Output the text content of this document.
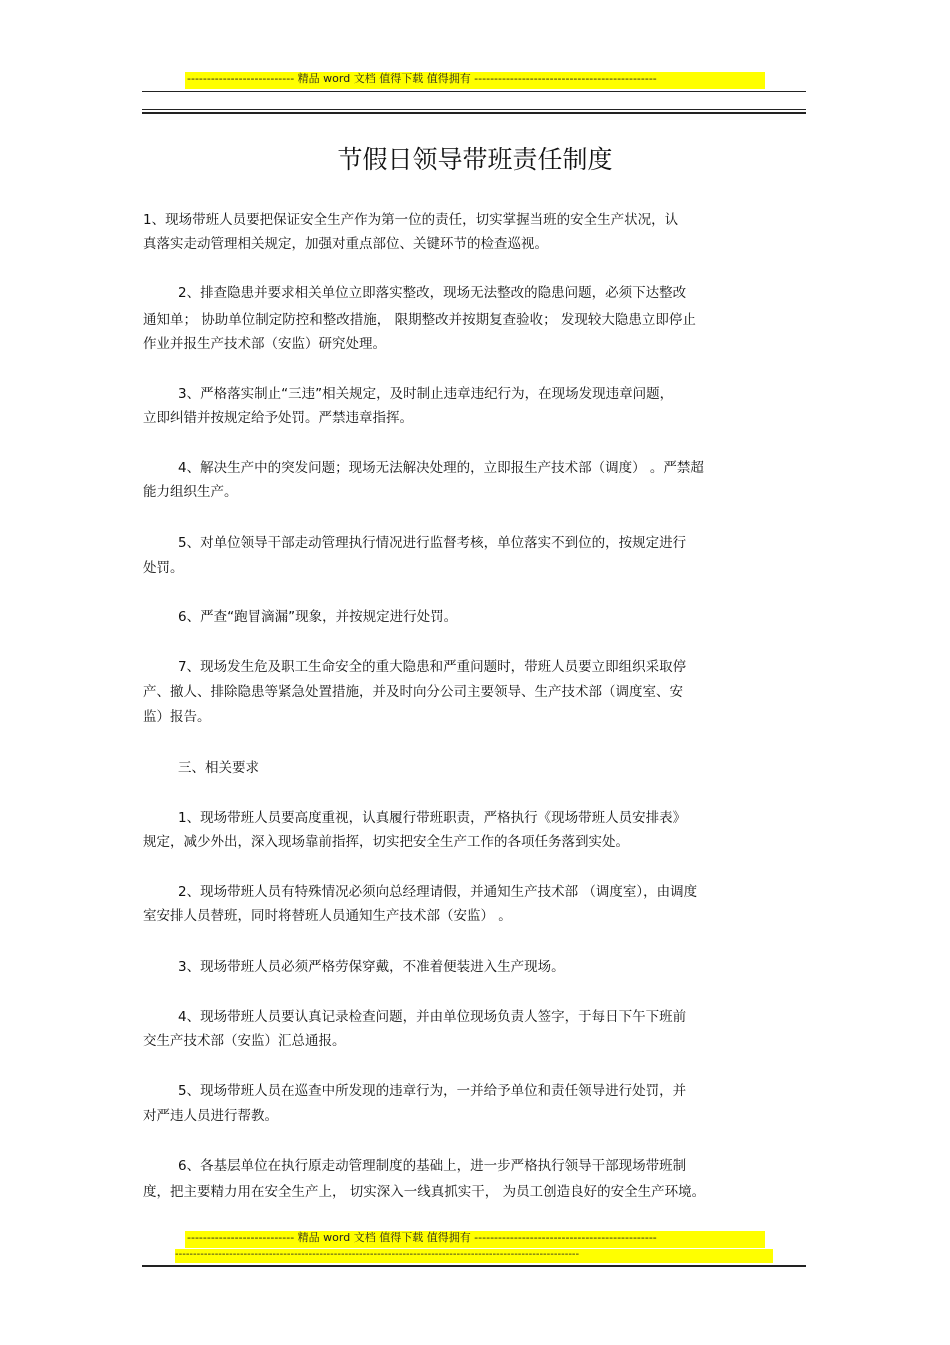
--------------------------- 精品 word 文档 值得下载 值得拥有 ----------------------------------------------
节假日领导带班责任制度
1、现场带班人员要把保证安全生产作为第一位的责任，切实掌握当班的安全生产状况，认
真落实走动管理相关规定，加强对重点部位、关键环节的检查巡视。
2、排查隐患并要求相关单位立即落实整改，现场无法整改的隐患问题，必须下达整改
通知单； 协助单位制定防控和整改措施， 限期整改并按期复查验收； 发现较大隐患立即停止
作业并报生产技术部（安监）研究处理。
3、严格落实制止“三违”相关规定，及时制止违章违纪行为，在现场发现违章问题，
立即纠错并按规定给予处罚。严禁违章指挥。
4、解决生产中的突发问题；现场无法解决处理的，立即报生产技术部（调度） 。严禁超
能力组织生产。
5、对单位领导干部走动管理执行情况进行监督考核，单位落实不到位的，按规定进行
处罚。
6、严查“跑冒滴漏”现象，并按规定进行处罚。
7、现场发生危及职工生命安全的重大隐患和严重问题时，带班人员要立即组织采取停
产、撤人、排除隐患等紧急处置措施，并及时向分公司主要领导、生产技术部（调度室、安
监）报告。
三、相关要求
1、现场带班人员要高度重视，认真履行带班职责，严格执行《现场带班人员安排表》
规定，减少外出，深入现场靠前指挥，切实把安全生产工作的各项任务落到实处。
2、现场带班人员有特殊情况必须向总经理请假，并通知生产技术部 （调度室），由调度
室安排人员替班，同时将替班人员通知生产技术部（安监） 。
3、现场带班人员必须严格劳保穿戴，不准着便装进入生产现场。
4、现场带班人员要认真记录检查问题，并由单位现场负责人签字，于每日下午下班前
交生产技术部（安监）汇总通报。
5、现场带班人员在巡查中所发现的违章行为，一并给予单位和责任领导进行处罚，并
对严违人员进行帮教。
6、各基层单位在执行原走动管理制度的基础上，进一步严格执行领导干部现场带班制
度，把主要精力用在安全生产上， 切实深入一线真抓实干， 为员工创造良好的安全生产环境。
--------------------------- 精品 word 文档 值得下载 值得拥有 ----------------------------------------------
----------------------------------------------------------------------------------------------------------------
